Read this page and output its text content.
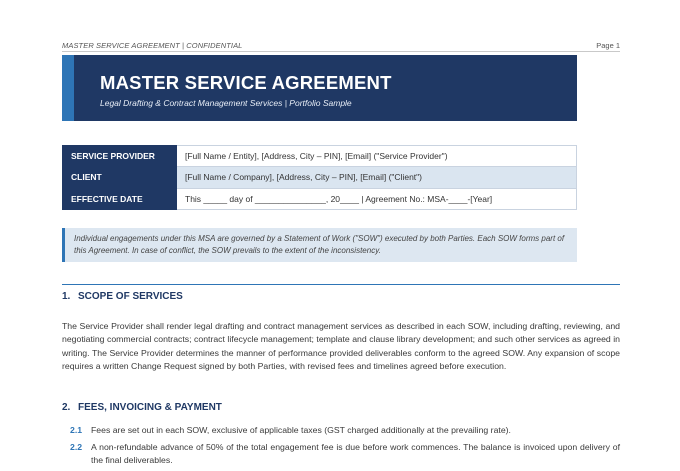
MASTER SERVICE AGREEMENT | CONFIDENTIAL	Page 1
MASTER SERVICE AGREEMENT
Legal Drafting & Contract Management Services | Portfolio Sample
SERVICE PROVIDER	[Full Name / Entity], [Address, City – PIN], [Email] ("Service Provider")
CLIENT	[Full Name / Company], [Address, City – PIN], [Email] ("Client")
EFFECTIVE DATE	This _____ day of _______________, 20____ | Agreement No.: MSA-____-[Year]
Individual engagements under this MSA are governed by a Statement of Work ("SOW") executed by both Parties. Each SOW forms part of this Agreement. In case of conflict, the SOW prevails to the extent of the inconsistency.
1. SCOPE OF SERVICES
The Service Provider shall render legal drafting and contract management services as described in each SOW, including drafting, reviewing, and negotiating commercial contracts; contract lifecycle management; template and clause library development; and such other services as agreed in writing. The Service Provider determines the manner of performance provided deliverables conform to the agreed SOW. Any expansion of scope requires a written Change Request signed by both Parties, with revised fees and timelines agreed before execution.
2. FEES, INVOICING & PAYMENT
2.1 Fees are set out in each SOW, exclusive of applicable taxes (GST charged additionally at the prevailing rate).
2.2 A non-refundable advance of 50% of the total engagement fee is due before work commences. The balance is invoiced upon delivery of the final deliverables.
